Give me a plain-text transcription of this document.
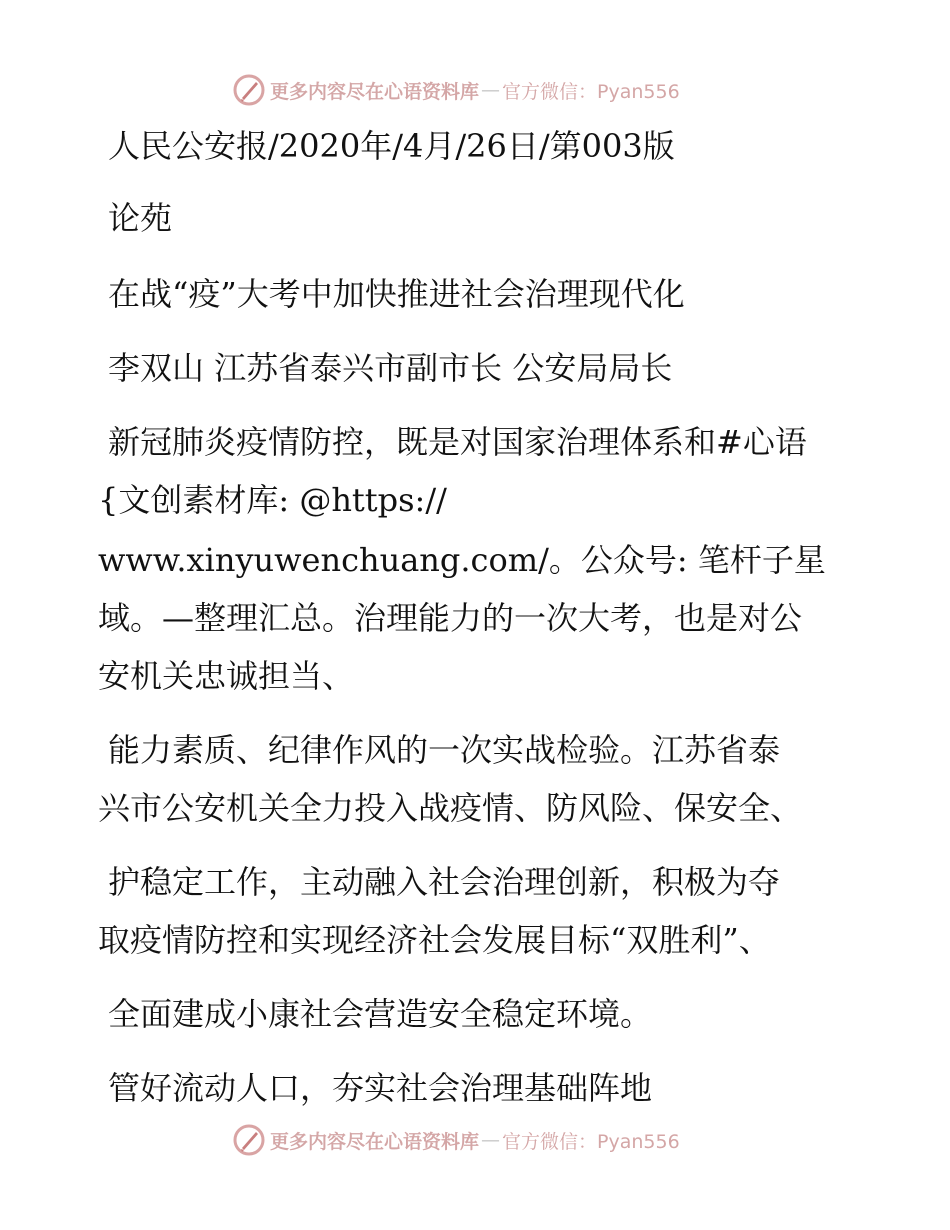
更多内容尽在心语资料库 — 官方微信：Pyan556
人民公安报/2020年/4月/26日/第003版
论苑
在战“疫”大考中加快推进社会治理现代化
李双山 江苏省泰兴市副市长 公安局局长
新冠肺炎疫情防控，既是对国家治理体系和#心语
{文创素材库: @https://
www.xinyuwenchuang.com/。公众号: 笔杆子星
域。—整理汇总。治理能力的一次大考，也是对公
安机关忠诚担当、
能力素质、纪律作风的一次实战检验。江苏省泰
兴市公安机关全力投入战疫情、防风险、保安全、
护稳定工作，主动融入社会治理创新，积极为夺
取疫情防控和实现经济社会发展目标“双胜利”、
全面建成小康社会营造安全稳定环境。
管好流动人口，夯实社会治理基础阵地
更多内容尽在心语资料库 — 官方微信：Pyan556
